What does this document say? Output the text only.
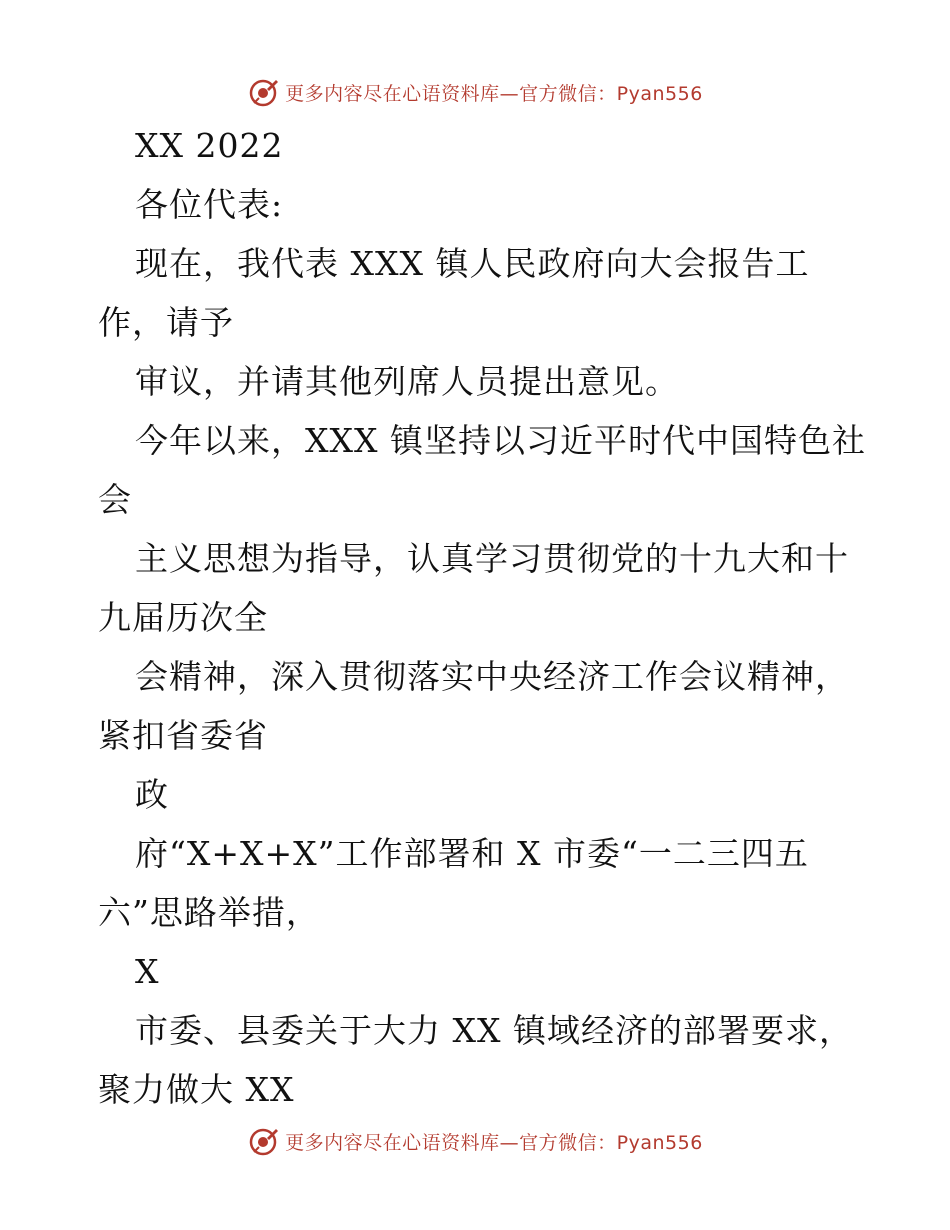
更多内容尽在心语资料库—官方微信：Pyan556
XX 2022
各位代表:
现在，我代表 XXX 镇人民政府向大会报告工
作，请予
审议，并请其他列席人员提出意见。
今年以来，XXX 镇坚持以习近平时代中国特色社
会
主义思想为指导，认真学习贯彻党的十九大和十
九届历次全
会精神，深入贯彻落实中央经济工作会议精神，
紧扣省委省
政
府“X+X+X”工作部署和 X 市委“一二三四五
六”思路举措，
X
市委、县委关于大力 XX 镇域经济的部署要求，
聚力做大 XX
更多内容尽在心语资料库—官方微信：Pyan556
